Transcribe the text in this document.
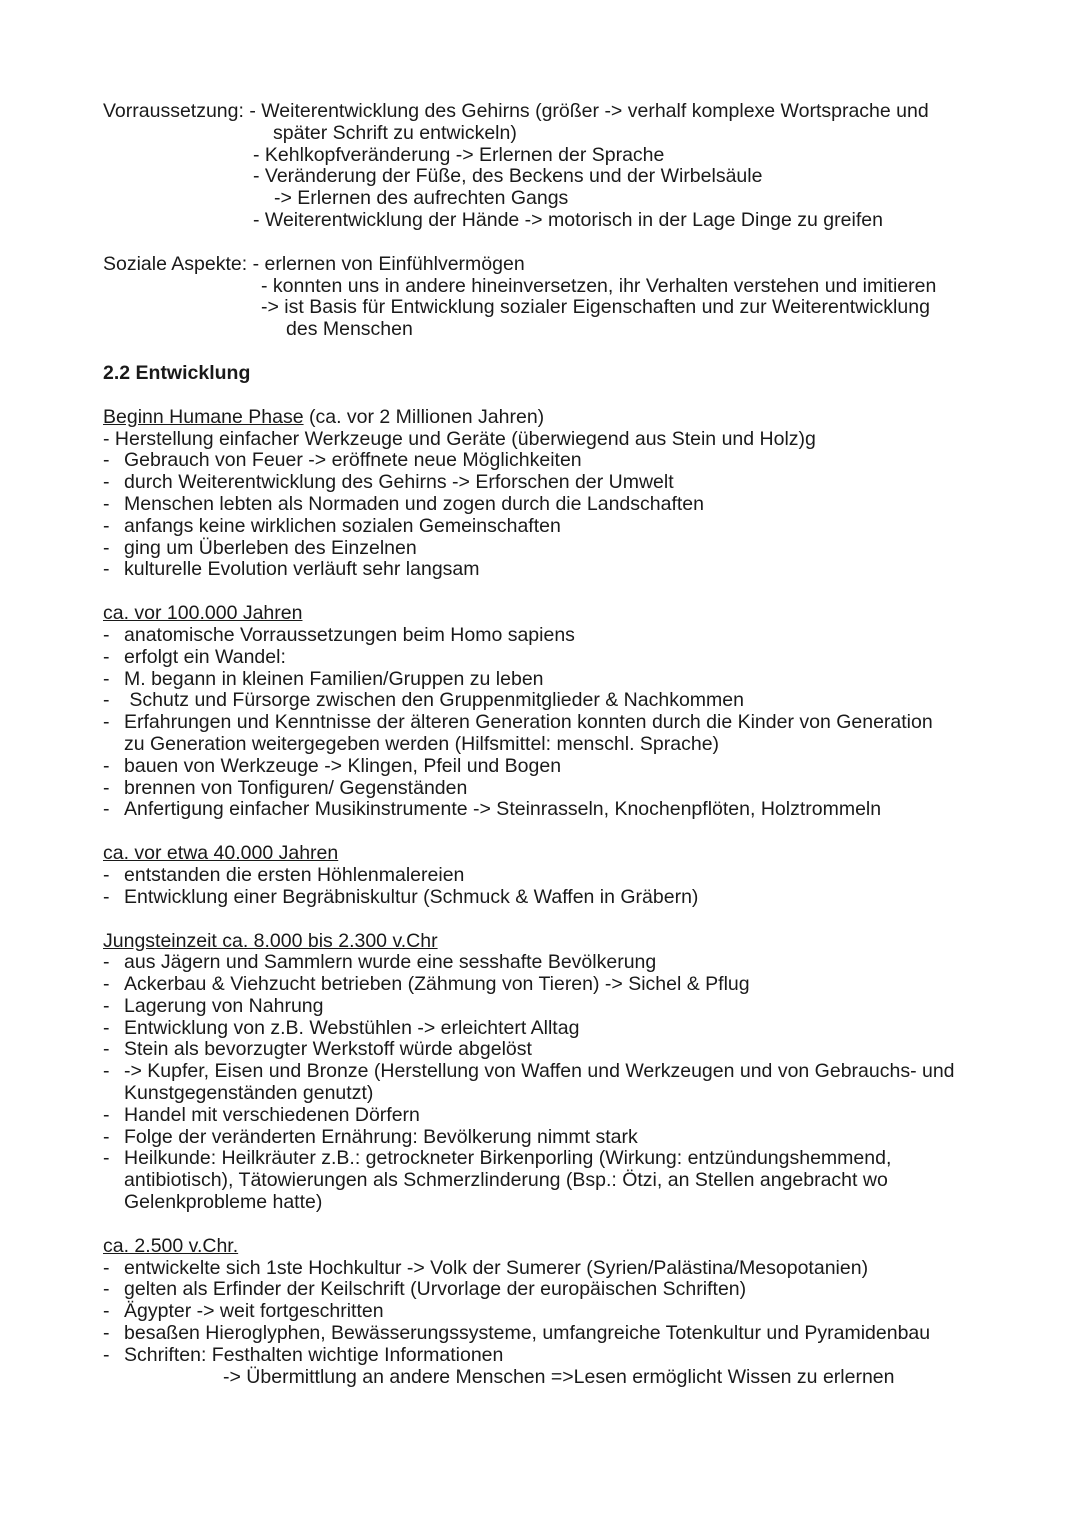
Vorraussetzung: - Weiterentwicklung des Gehirns (größer -> verhalf komplexe Wortsprache und
später Schrift zu entwickeln)
- Kehlkopfveränderung -> Erlernen der Sprache
- Veränderung der Füße, des Beckens und der Wirbelsäule
-> Erlernen des aufrechten Gangs
- Weiterentwicklung der Hände -> motorisch in der Lage Dinge zu greifen
Soziale Aspekte: - erlernen von Einfühlvermögen
- konnten uns in andere hineinversetzen, ihr Verhalten verstehen und imitieren
-> ist Basis für Entwicklung sozialer Eigenschaften und zur Weiterentwicklung
des Menschen
2.2 Entwicklung
Beginn Humane Phase (ca. vor 2 Millionen Jahren)
- Herstellung einfacher Werkzeuge und Geräte (überwiegend aus Stein und Holz)g
- Gebrauch von Feuer -> eröffnete neue Möglichkeiten
- durch Weiterentwicklung des Gehirns -> Erforschen der Umwelt
- Menschen lebten als Normaden und zogen durch die Landschaften
- anfangs keine wirklichen sozialen Gemeinschaften
- ging um Überleben des Einzelnen
- kulturelle Evolution verläuft sehr langsam
ca. vor 100.000 Jahren
- anatomische Vorraussetzungen beim Homo sapiens
- erfolgt ein Wandel:
- M. begann in kleinen Familien/Gruppen zu leben
- Schutz und Fürsorge zwischen den Gruppenmitglieder & Nachkommen
- Erfahrungen und Kenntnisse der älteren Generation konnten durch die Kinder von Generation
zu Generation weitergegeben werden (Hilfsmittel: menschl. Sprache)
- bauen von Werkzeuge -> Klingen, Pfeil und Bogen
- brennen von Tonfiguren/ Gegenständen
- Anfertigung einfacher Musikinstrumente -> Steinrasseln, Knochenpflöten, Holztrommeln
ca. vor etwa 40.000 Jahren
- entstanden die ersten Höhlenmalereien
- Entwicklung einer Begräbniskultur (Schmuck & Waffen in Gräbern)
Jungsteinzeit ca. 8.000 bis 2.300 v.Chr
- aus Jägern und Sammlern wurde eine sesshafte Bevölkerung
- Ackerbau & Viehzucht betrieben (Zähmung von Tieren) -> Sichel & Pflug
- Lagerung von Nahrung
- Entwicklung von z.B. Webstühlen -> erleichtert Alltag
- Stein als bevorzugter Werkstoff würde abgelöst
- -> Kupfer, Eisen und Bronze (Herstellung von Waffen und Werkzeugen und von Gebrauchs- und
Kunstgegenständen genutzt)
- Handel mit verschiedenen Dörfern
- Folge der veränderten Ernährung: Bevölkerung nimmt stark
- Heilkunde: Heilkräuter z.B.: getrockneter Birkenporling (Wirkung: entzündungshemmend,
antibiotisch), Tätowierungen als Schmerzlinderung (Bsp.: Ötzi, an Stellen angebracht wo
Gelenkprobleme hatte)
ca. 2.500 v.Chr.
- entwickelte sich 1ste Hochkultur -> Volk der Sumerer (Syrien/Palästina/Mesopotanien)
- gelten als Erfinder der Keilschrift (Urvorlage der europäischen Schriften)
- Ägypter -> weit fortgeschritten
- besaßen Hieroglyphen, Bewässerungssysteme, umfangreiche Totenkultur und Pyramidenbau
- Schriften: Festhalten wichtige Informationen
-> Übermittlung an andere Menschen =>Lesen ermöglicht Wissen zu erlernen
